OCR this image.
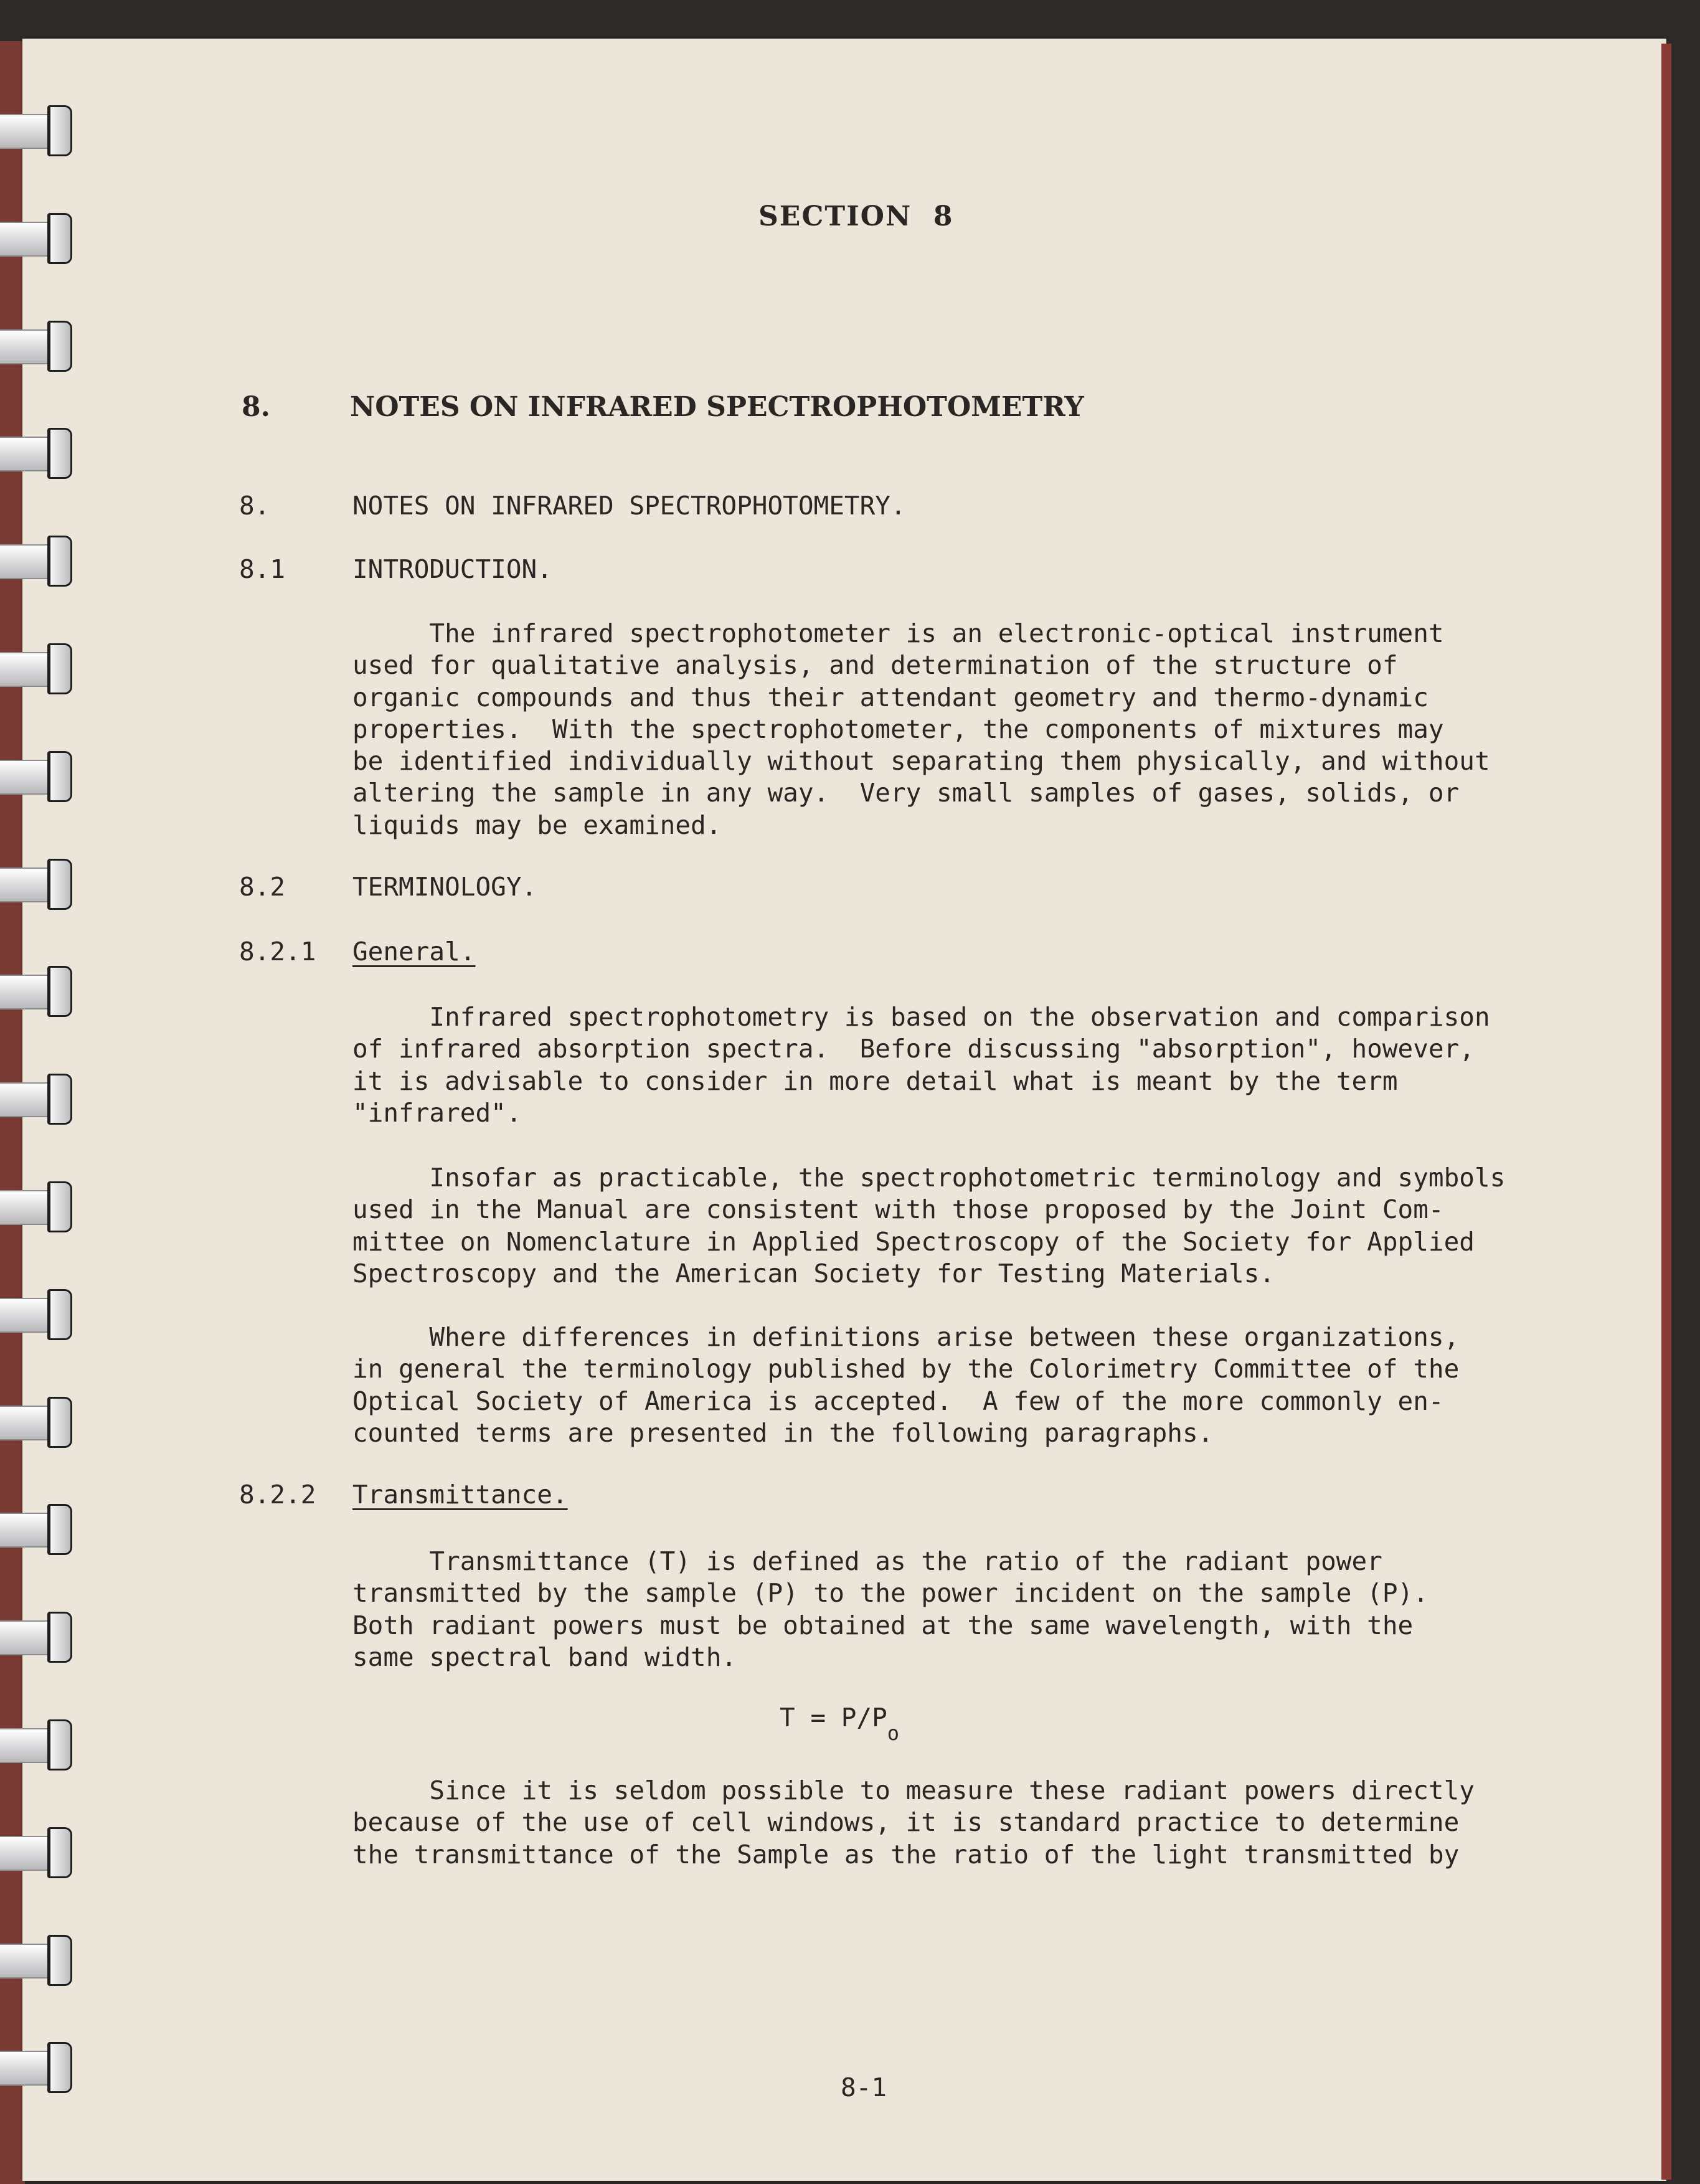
SECTION  8
8.	NOTES ON INFRARED SPECTROPHOTOMETRY
8.	NOTES ON INFRARED SPECTROPHOTOMETRY.
8.1	INTRODUCTION.
The infrared spectrophotometer is an electronic-optical instrument
used for qualitative analysis, and determination of the structure of
organic compounds and thus their attendant geometry and thermo-dynamic
properties.  With the spectrophotometer, the components of mixtures may
be identified individually without separating them physically, and without
altering the sample in any way.  Very small samples of gases, solids, or
liquids may be examined.
8.2	TERMINOLOGY.
8.2.1 General.
Infrared spectrophotometry is based on the observation and comparison
of infrared absorption spectra.  Before discussing "absorption", however,
it is advisable to consider in more detail what is meant by the term
"infrared".
Insofar as practicable, the spectrophotometric terminology and symbols
used in the Manual are consistent with those proposed by the Joint Com-
mittee on Nomenclature in Applied Spectroscopy of the Society for Applied
Spectroscopy and the American Society for Testing Materials.
Where differences in definitions arise between these organizations,
in general the terminology published by the Colorimetry Committee of the
Optical Society of America is accepted.  A few of the more commonly en-
counted terms are presented in the following paragraphs.
8.2.2 Transmittance.
Transmittance (T) is defined as the ratio of the radiant power
transmitted by the sample (P) to the power incident on the sample (P).
Both radiant powers must be obtained at the same wavelength, with the
same spectral band width.
$T = P/P_o$
Since it is seldom possible to measure these radiant powers directly
because of the use of cell windows, it is standard practice to determine
the transmittance of the Sample as the ratio of the light transmitted by
8-1
